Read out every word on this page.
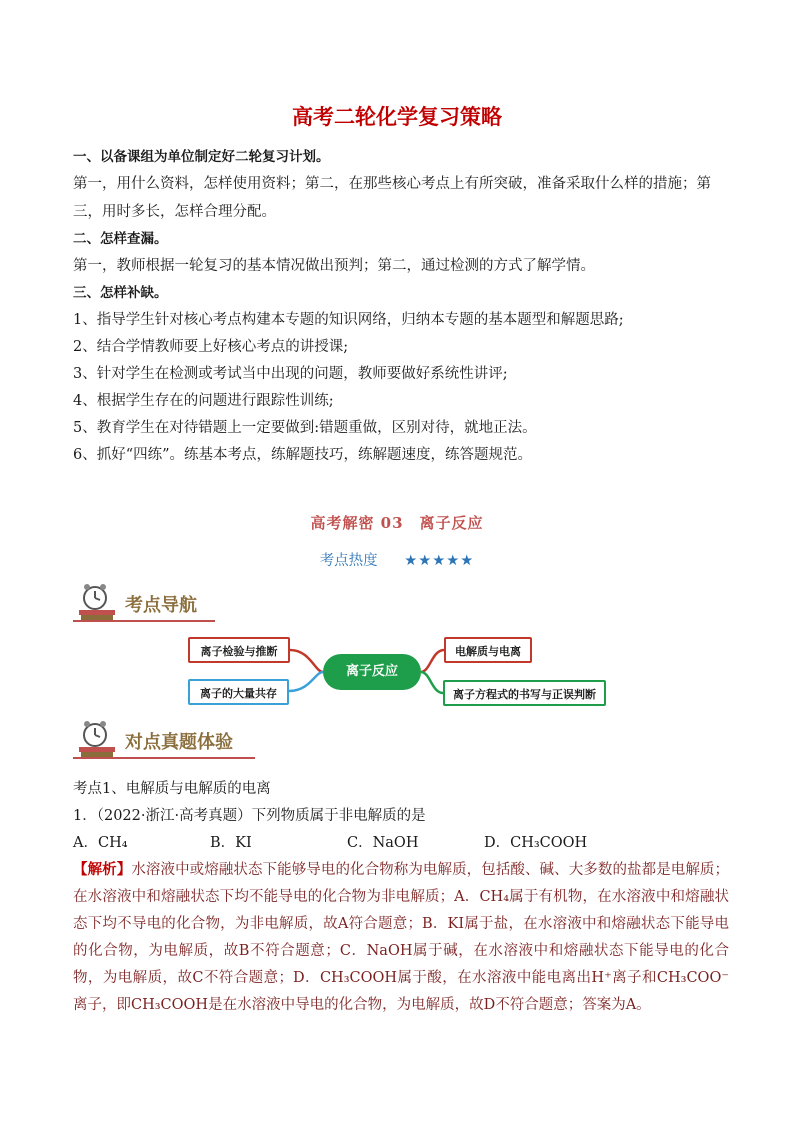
高考二轮化学复习策略
一、以备课组为单位制定好二轮复习计划。
第一，用什么资料，怎样使用资料；第二，在那些核心考点上有所突破，准备采取什么样的措施；第三，用时多长，怎样合理分配。
二、怎样查漏。
第一，教师根据一轮复习的基本情况做出预判；第二，通过检测的方式了解学情。
三、怎样补缺。
1、指导学生针对核心考点构建本专题的知识网络，归纳本专题的基本题型和解题思路;
2、结合学情教师要上好核心考点的讲授课;
3、针对学生在检测或考试当中出现的问题，教师要做好系统性讲评;
4、根据学生存在的问题进行跟踪性训练;
5、教育学生在对待错题上一定要做到:错题重做，区别对待，就地正法。
6、抓好“四练”。练基本考点，练解题技巧，练解题速度，练答题规范。
高考解密 03　离子反应
考点热度 ★★★★★
考点导航
离子检验与推断
离子的大量共存
离子反应
电解质与电离
离子方程式的书写与正误判断
对点真题体验
考点1、电解质与电解质的电离
1．（2022·浙江·高考真题）下列物质属于非电解质的是
A．CH₄	B．KI	C．NaOH	D．CH₃COOH
【解析】水溶液中或熔融状态下能够导电的化合物称为电解质，包括酸、碱、大多数的盐都是电解质；在水溶液中和熔融状态下均不能导电的化合物为非电解质；A．CH₄属于有机物，在水溶液中和熔融状态下均不导电的化合物，为非电解质，故A符合题意；B．KI属于盐，在水溶液中和熔融状态下能导电的化合物，为电解质，故B不符合题意；C．NaOH属于碱，在水溶液中和熔融状态下能导电的化合物，为电解质，故C不符合题意；D．CH₃COOH属于酸，在水溶液中能电离出H⁺离子和CH₃COO⁻离子，即CH₃COOH是在水溶液中导电的化合物，为电解质，故D不符合题意；答案为A。
